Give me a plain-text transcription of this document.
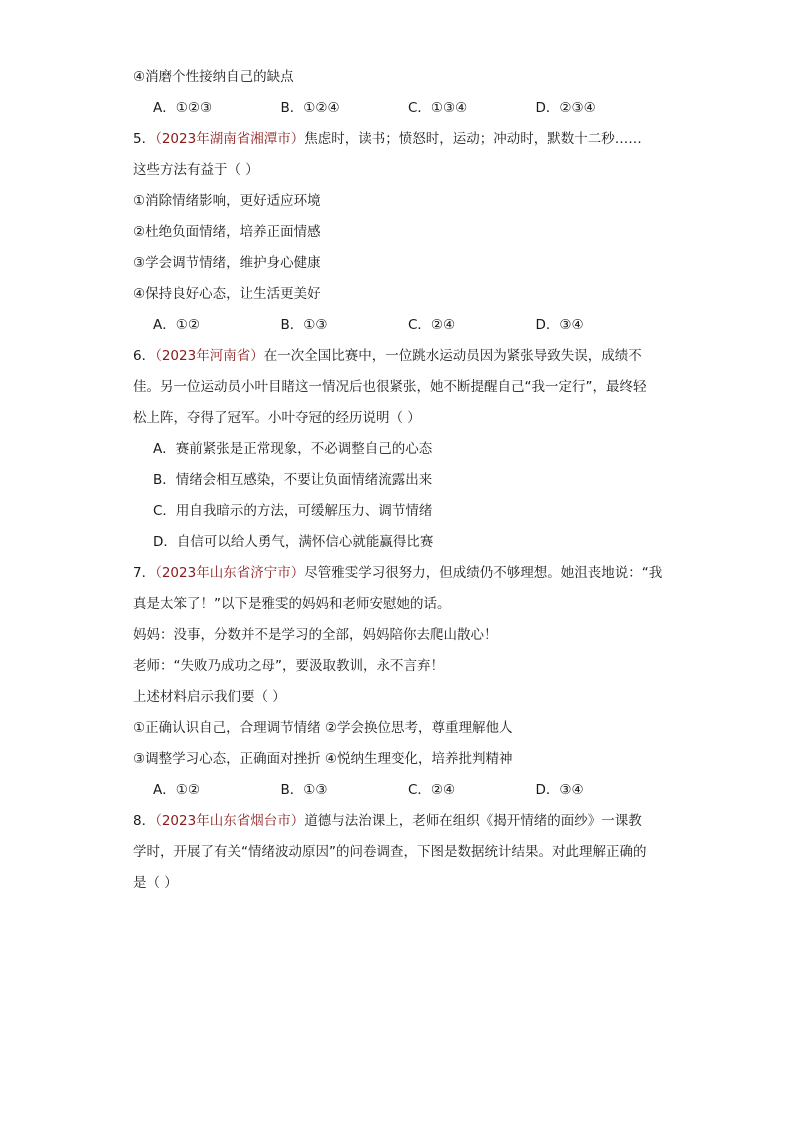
④消磨个性接纳自己的缺点
A．①②③	B．①②④	C．①③④	D．②③④
5．（2023年湖南省湘潭市）焦虑时，读书；愤怒时，运动；冲动时，默数十二秒……
这些方法有益于（ ）
①消除情绪影响，更好适应环境
②杜绝负面情绪，培养正面情感
③学会调节情绪，维护身心健康
④保持良好心态，让生活更美好
A．①②	B．①③	C．②④	D．③④
6．（2023年河南省）在一次全国比赛中，一位跳水运动员因为紧张导致失误，成绩不
佳。另一位运动员小叶目睹这一情况后也很紧张，她不断提醒自己“我一定行”，最终轻
松上阵，夺得了冠军。小叶夺冠的经历说明（ ）
A．赛前紧张是正常现象，不必调整自己的心态
B．情绪会相互感染，不要让负面情绪流露出来
C．用自我暗示的方法，可缓解压力、调节情绪
D．自信可以给人勇气，满怀信心就能赢得比赛
7．（2023年山东省济宁市）尽管雅雯学习很努力，但成绩仍不够理想。她沮丧地说：“我
真是太笨了！”以下是雅雯的妈妈和老师安慰她的话。
妈妈：没事，分数并不是学习的全部，妈妈陪你去爬山散心！
老师：“失败乃成功之母”，要汲取教训，永不言弃！
上述材料启示我们要（ ）
①正确认识自己，合理调节情绪 ②学会换位思考，尊重理解他人
③调整学习心态，正确面对挫折 ④悦纳生理变化，培养批判精神
A．①②	B．①③	C．②④	D．③④
8．（2023年山东省烟台市）道德与法治课上，老师在组织《揭开情绪的面纱》一课教
学时，开展了有关“情绪波动原因”的问卷调查，下图是数据统计结果。对此理解正确的
是（ ）
